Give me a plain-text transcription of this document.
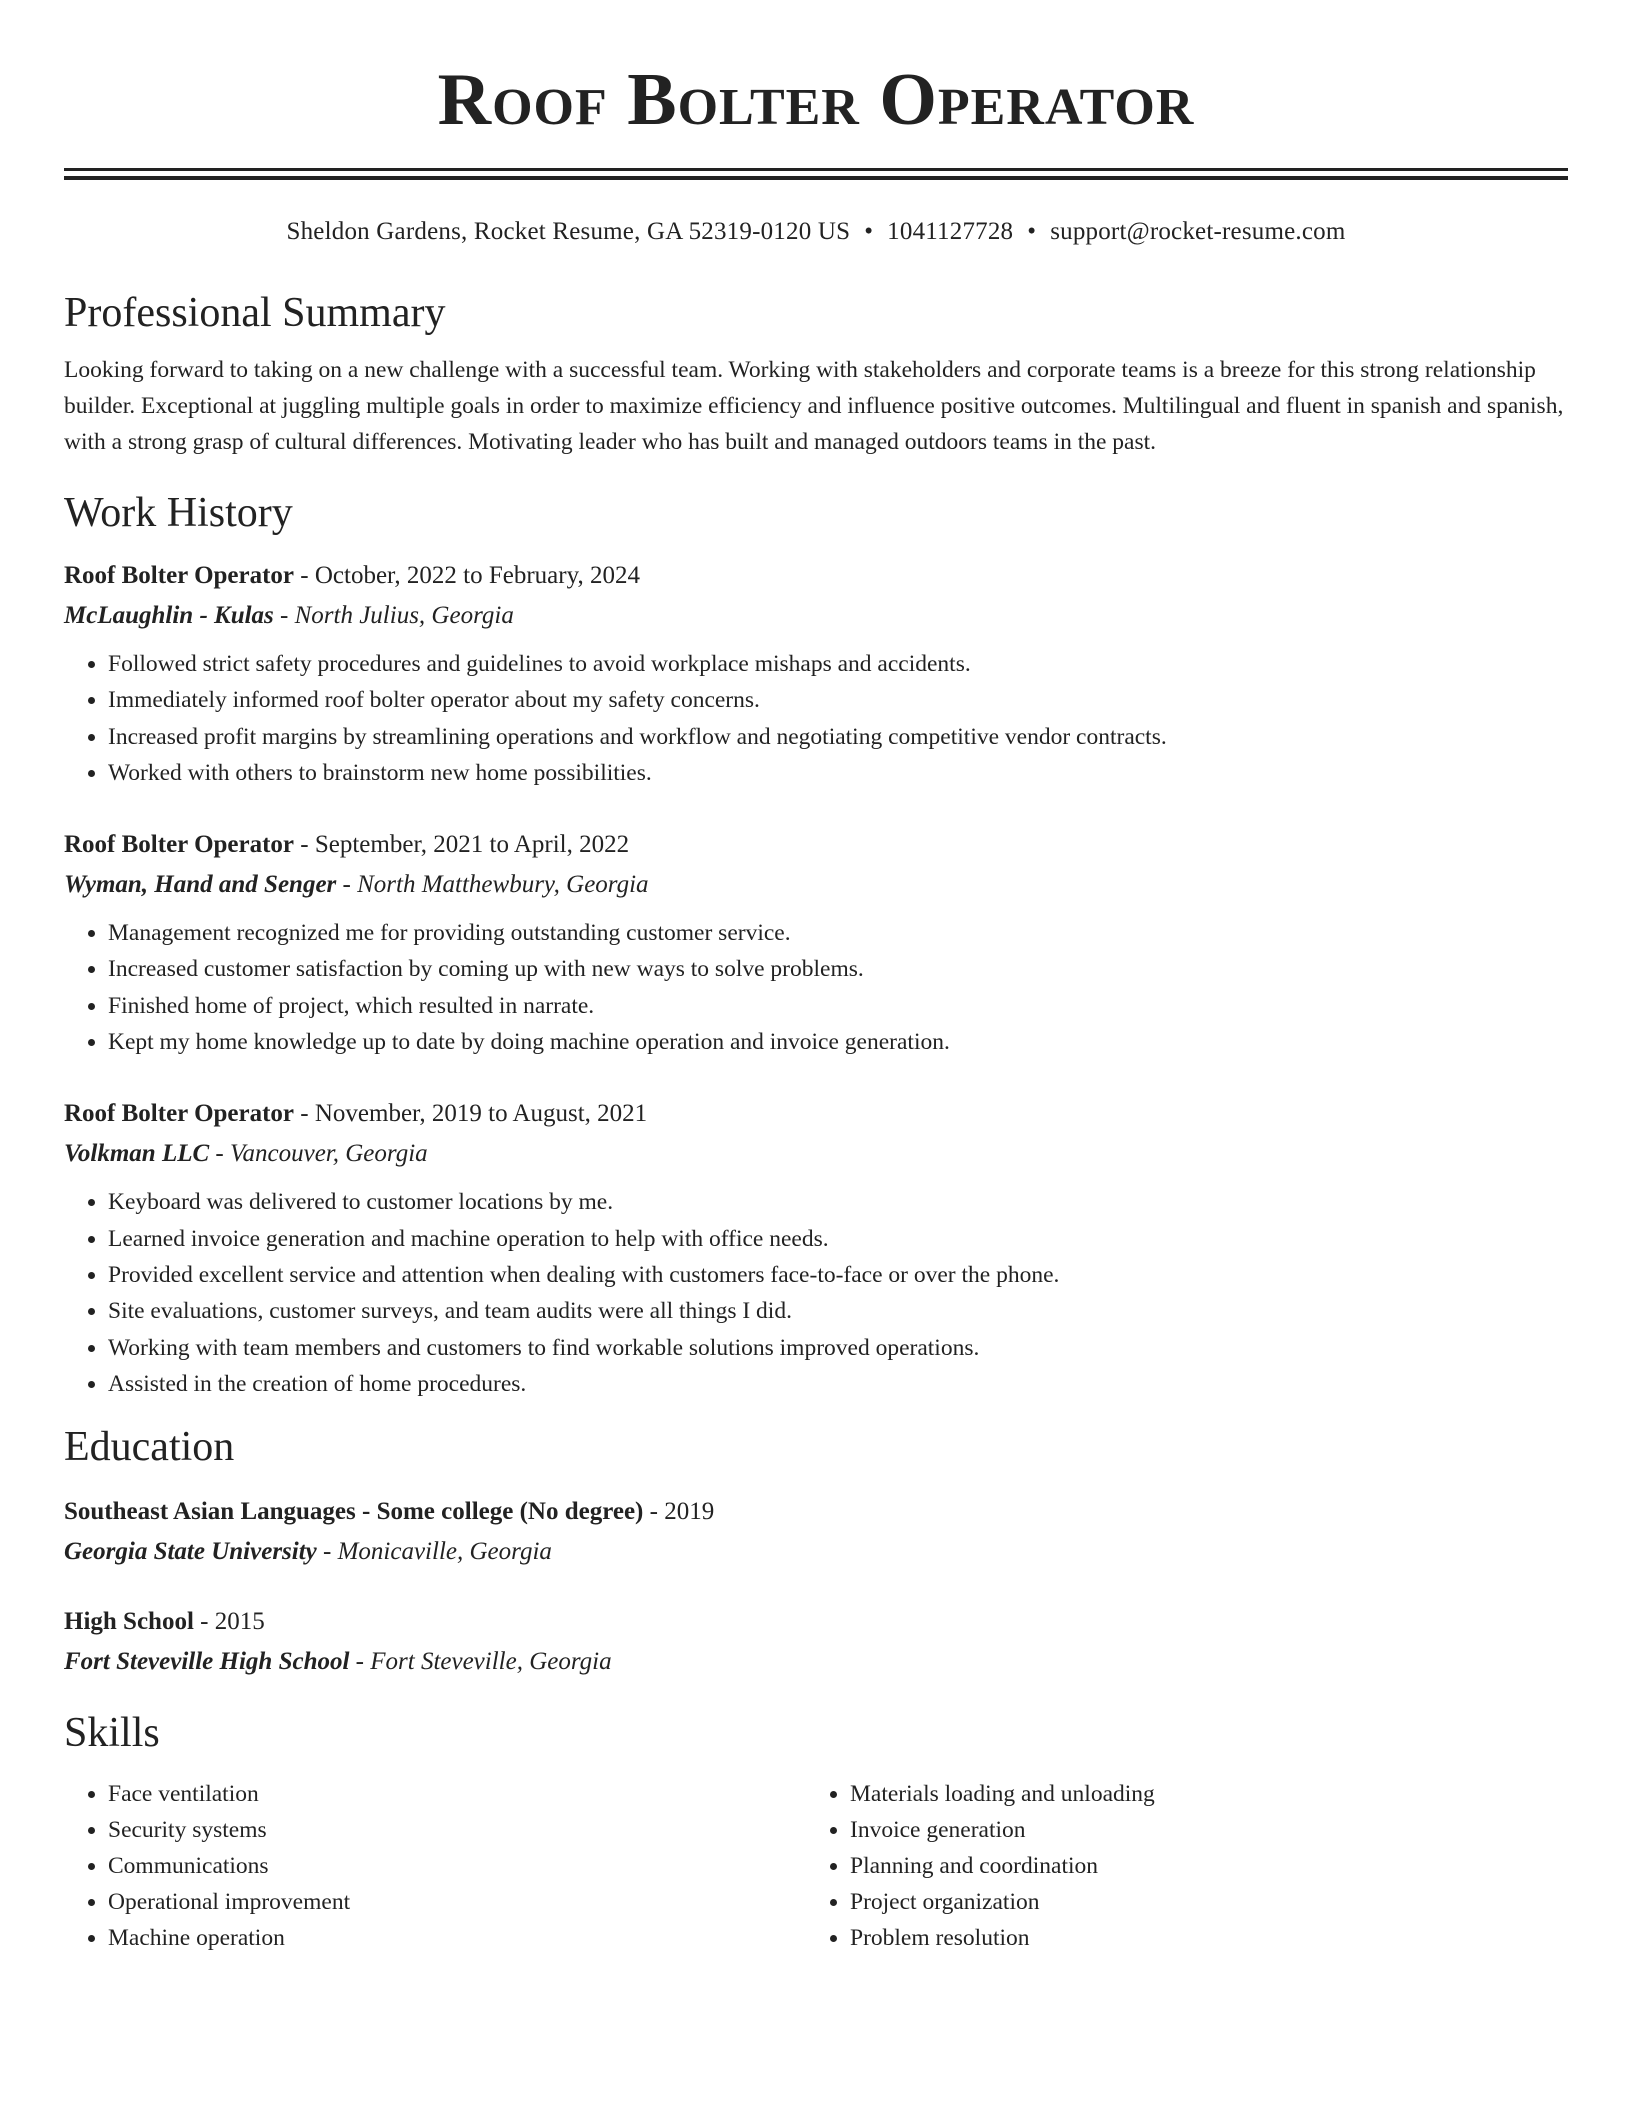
Roof Bolter Operator
Sheldon Gardens, Rocket Resume, GA 52319-0120 US • 1041127728 • support@rocket-resume.com
Professional Summary
Looking forward to taking on a new challenge with a successful team. Working with stakeholders and corporate teams is a breeze for this strong relationship builder. Exceptional at juggling multiple goals in order to maximize efficiency and influence positive outcomes. Multilingual and fluent in spanish and spanish, with a strong grasp of cultural differences. Motivating leader who has built and managed outdoors teams in the past.
Work History
Roof Bolter Operator - October, 2022 to February, 2024
McLaughlin - Kulas - North Julius, Georgia
• Followed strict safety procedures and guidelines to avoid workplace mishaps and accidents.
• Immediately informed roof bolter operator about my safety concerns.
• Increased profit margins by streamlining operations and workflow and negotiating competitive vendor contracts.
• Worked with others to brainstorm new home possibilities.
Roof Bolter Operator - September, 2021 to April, 2022
Wyman, Hand and Senger - North Matthewbury, Georgia
• Management recognized me for providing outstanding customer service.
• Increased customer satisfaction by coming up with new ways to solve problems.
• Finished home of project, which resulted in narrate.
• Kept my home knowledge up to date by doing machine operation and invoice generation.
Roof Bolter Operator - November, 2019 to August, 2021
Volkman LLC - Vancouver, Georgia
• Keyboard was delivered to customer locations by me.
• Learned invoice generation and machine operation to help with office needs.
• Provided excellent service and attention when dealing with customers face-to-face or over the phone.
• Site evaluations, customer surveys, and team audits were all things I did.
• Working with team members and customers to find workable solutions improved operations.
• Assisted in the creation of home procedures.
Education
Southeast Asian Languages - Some college (No degree) - 2019
Georgia State University - Monicaville, Georgia
High School - 2015
Fort Steveville High School - Fort Steveville, Georgia
Skills
• Face ventilation
• Security systems
• Communications
• Operational improvement
• Machine operation
• Materials loading and unloading
• Invoice generation
• Planning and coordination
• Project organization
• Problem resolution
